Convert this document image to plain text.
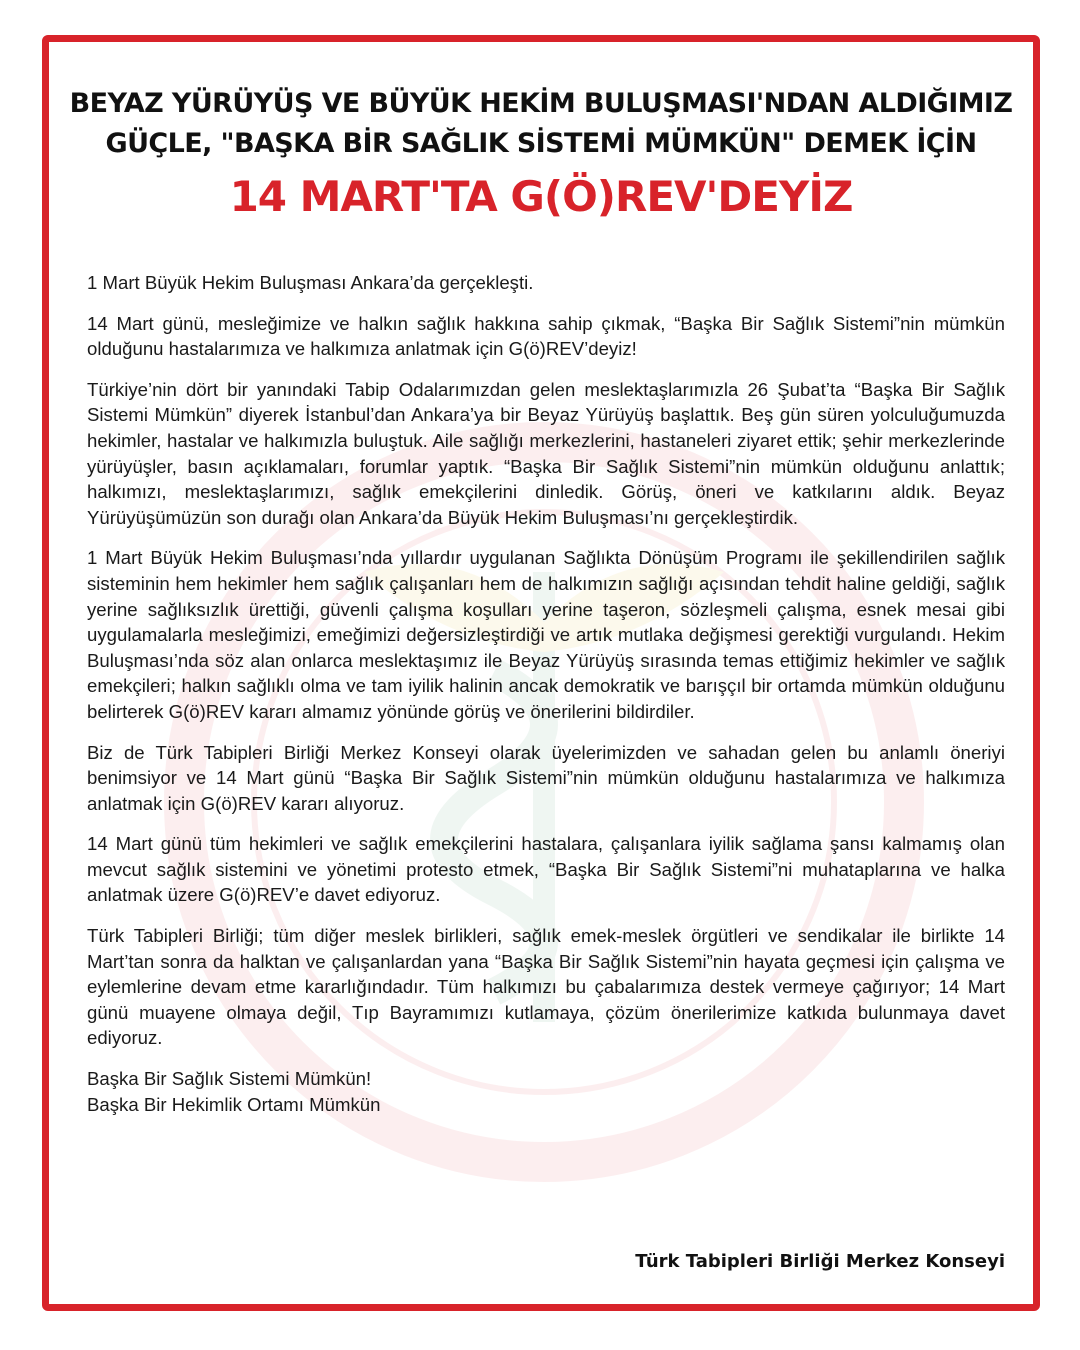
BEYAZ YÜRÜYÜŞ VE BÜYÜK HEKİM BULUŞMASI'NDAN ALDIĞIMIZ
GÜÇLE, "BAŞKA BİR SAĞLIK SİSTEMİ MÜMKÜN" DEMEK İÇİN
14 MART'TA G(Ö)REV'DEYİZ

1 Mart Büyük Hekim Buluşması Ankara’da gerçekleşti.

14 Mart günü, mesleğimize ve halkın sağlık hakkına sahip çıkmak, “Başka Bir Sağlık Sistemi”nin mümkün olduğunu hastalarımıza ve halkımıza anlatmak için G(ö)REV’deyiz!

Türkiye’nin dört bir yanındaki Tabip Odalarımızdan gelen meslektaşlarımızla 26 Şubat’ta “Başka Bir Sağlık Sistemi Mümkün” diyerek İstanbul’dan Ankara’ya bir Beyaz Yürüyüş başlattık. Beş gün süren yolculuğumuzda hekimler, hastalar ve halkımızla buluştuk. Aile sağlığı merkezlerini, hastaneleri ziyaret ettik; şehir merkezlerinde yürüyüşler, basın açıklamaları, forumlar yaptık. “Başka Bir Sağlık Sistemi”nin mümkün olduğunu anlattık; halkımızı, meslektaşlarımızı, sağlık emekçilerini dinledik. Görüş, öneri ve katkılarını aldık. Beyaz Yürüyüşümüzün son durağı olan Ankara’da Büyük Hekim Buluşması’nı gerçekleştirdik.

1 Mart Büyük Hekim Buluşması’nda yıllardır uygulanan Sağlıkta Dönüşüm Programı ile şekillendirilen sağlık sisteminin hem hekimler hem sağlık çalışanları hem de halkımızın sağlığı açısından tehdit haline geldiği, sağlık yerine sağlıksızlık ürettiği, güvenli çalışma koşulları yerine taşeron, sözleşmeli çalışma, esnek mesai gibi uygulamalarla mesleğimizi, emeğimizi değersizleştirdiği ve artık mutlaka değişmesi gerektiği vurgulandı. Hekim Buluşması’nda söz alan onlarca meslektaşımız ile Beyaz Yürüyüş sırasında temas ettiğimiz hekimler ve sağlık emekçileri; halkın sağlıklı olma ve tam iyilik halinin ancak demokratik ve barışçıl bir ortamda mümkün olduğunu belirterek G(ö)REV kararı almamız yönünde görüş ve önerilerini bildirdiler.

Biz de Türk Tabipleri Birliği Merkez Konseyi olarak üyelerimizden ve sahadan gelen bu anlamlı öneriyi benimsiyor ve 14 Mart günü “Başka Bir Sağlık Sistemi”nin mümkün olduğunu hastalarımıza ve halkımıza anlatmak için G(ö)REV kararı alıyoruz.

14 Mart günü tüm hekimleri ve sağlık emekçilerini hastalara, çalışanlara iyilik sağlama şansı kalmamış olan mevcut sağlık sistemini ve yönetimi protesto etmek, “Başka Bir Sağlık Sistemi”ni muhataplarına ve halka anlatmak üzere G(ö)REV’e davet ediyoruz.

Türk Tabipleri Birliği; tüm diğer meslek birlikleri, sağlık emek-meslek örgütleri ve sendikalar ile birlikte 14 Mart’tan sonra da halktan ve çalışanlardan yana “Başka Bir Sağlık Sistemi”nin hayata geçmesi için çalışma ve eylemlerine devam etme kararlığındadır. Tüm halkımızı bu çabalarımıza destek vermeye çağırıyor; 14 Mart günü muayene olmaya değil, Tıp Bayramımızı kutlamaya, çözüm önerilerimize katkıda bulunmaya davet ediyoruz.

Başka Bir Sağlık Sistemi Mümkün!
Başka Bir Hekimlik Ortamı Mümkün
Türk Tabipleri Birliği Merkez Konseyi
